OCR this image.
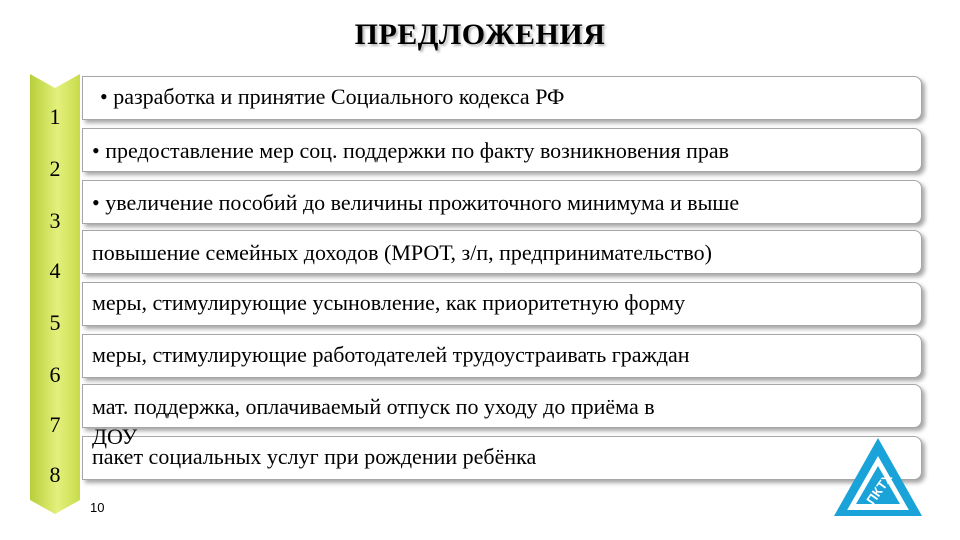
ПРЕДЛОЖЕНИЯ
1
2
3
4
5
6
7
8
• разработка и принятие Социального кодекса РФ
• предоставление мер соц. поддержки по факту возникновения прав
• увеличение пособий до величины прожиточного минимума и выше
повышение семейных доходов (МРОТ, з/п, предпринимательство)
меры, стимулирующие усыновление, как приоритетную форму
меры, стимулирующие работодателей трудоустраивать граждан
мат. поддержка, оплачиваемый отпуск по уходу до приёма в
ДОУ
пакет социальных услуг при рождении ребёнка
10
ПКТХ
